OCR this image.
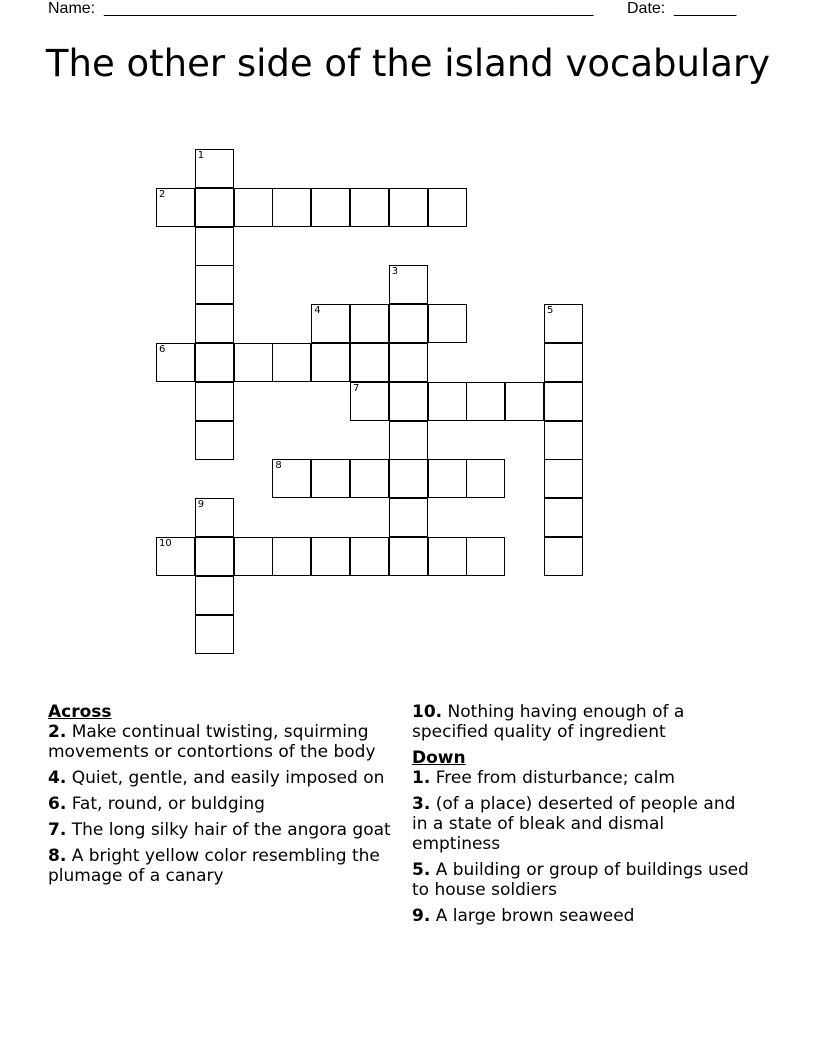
Name: _______________________________________________________ Date: _______
The other side of the island vocabulary
1
2
3
4	5
6
7
8
9
10

Across

2. Make continual twisting, squirming movements or contortions of the body

4. Quiet, gentle, and easily imposed on

6. Fat, round, or buldging

7. The long silky hair of the angora goat

8. A bright yellow color resembling the plumage of a canary

10. Nothing having enough of a specified quality of ingredient

Down

1. Free from disturbance; calm

3. (of a place) deserted of people and in a state of bleak and dismal emptiness

5. A building or group of buildings used to house soldiers

9. A large brown seaweed
